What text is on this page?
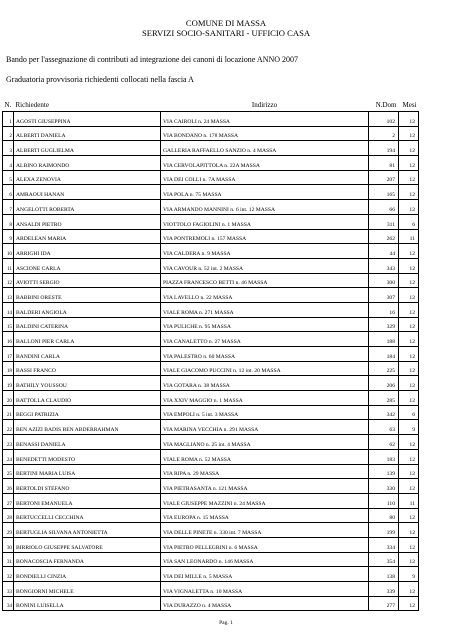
COMUNE DI MASSA
SERVIZI SOCIO-SANITARI - UFFICIO CASA
Bando per l'assegnazione di contributi ad integrazione dei canoni di locazione ANNO 2007
Graduatoria provvisoria richiedenti collocati nella fascia A
N.	Richiedente	Indirizzo	N.Dom	Mesi
1	AGOSTI GIUSEPPINA	VIA CAIROLI n. 24 MASSA	102	12
2	ALBERTI DANIELA	VIA BONDANO n. 178 MASSA	2	12
3	ALBERTI GUGLIELMA	GALLERIA RAFFAELLO SANZIO n. 4 MASSA	194	12
4	ALBINO RAIMONDO	VIA CERVOLAPITTOLA n. 22A MASSA	81	12
5	ALEXA ZENOVIA	VIA DEI COLLI n. 7A MASSA	207	12
6	AMRAOUI HANAN	VIA POLA n. 75 MASSA	165	12
7	ANGELOTTI ROBERTA	VIA ARMANDO MANNINI n. 6 int. 12 MASSA	66	12
8	ANSALDI PIETRO	VIOTTOLO FAGIOLINI n. 1 MASSA	311	6
9	ARDELEAN MARIA	VIA PONTREMOLI n. 157 MASSA	262	11
10	ARRIGHI IDA	VIA CALDERA n. 9 MASSA	44	12
11	ASCIONE CARLA	VIA CAVOUR n. 52 int. 2 MASSA	343	12
12	AVIOTTI SERGIO	PIAZZA FRANCESCO BETTI n. 46 MASSA	300	12
13	BABBINI ORESTE	VIA LAVELLO n. 22 MASSA	307	12
14	BALDERI ANGIOLA	VIALE ROMA n. 271 MASSA	16	12
15	BALDINI CATERINA	VIA PULICHE n. 95 MASSA	329	12
16	BALLONI PIER CARLA	VIA CANALETTO n. 27 MASSA	188	12
17	BANDINI CARLA	VIA PALESTRO n. 60 MASSA	184	12
18	BASSI FRANCO	VIALE GIACOMO PUCCINI n. 12 int. 20 MASSA	225	12
19	BATHILY YOUSSOU	VIA GOTARA n. 38 MASSA	206	12
20	BATTOLLA CLAUDIO	VIA XXIV MAGGIO n. 1 MASSA	285	12
21	BEGGI PATRIZIA	VIA EMPOLI n. 5 int. 3 MASSA	342	6
22	BEN AZIZI BADIS BEN ABDERRAHMAN	VIA MARINA VECCHIA n. 291 MASSA	63	9
23	BENASSI DANIELA	VIA MAGLIANO n. 25 int. 4 MASSA	62	12
24	BENEDETTI MODESTO	VIALE ROMA n. 52 MASSA	183	12
25	BERTINI MARIA LUISA	VIA RIPA n. 29 MASSA	139	12
26	BERTOLDI STEFANO	VIA PIETRASANTA n. 121 MASSA	330	12
27	BERTONI EMANUELA	VIALE GIUSEPPE MAZZINI n. 24 MASSA	110	11
28	BERTUCCELLI CECCHINA	VIA EUROPA n. 15 MASSA	80	12
29	BERTUGLIA SILVANA ANTONIETTA	VIA DELLE PINETE n. 330 int. 7 MASSA	199	12
30	BIRRIOLO GIUSEPPE SALVATORE	VIA PIETRO PELLEGRINI n. 6 MASSA	334	12
31	BONACOSCIA FERNANDA	VIA SAN LEONARDO n. 146 MASSA	354	12
32	BONDIELLI CINZIA	VIA DEI MILLE n. 5 MASSA	138	9
33	BONGIORNI MICHELE	VIA VIGNALETTA n. 10 MASSA	339	12
34	BONINI LUISELLA	VIA DURAZZO n. 4 MASSA	277	12
Pag. 1
